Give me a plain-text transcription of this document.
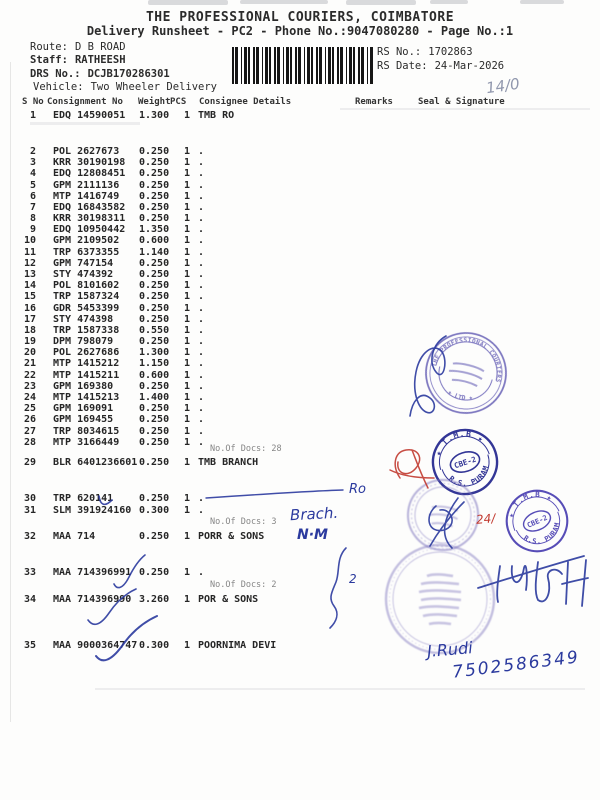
THE PROFESSIONAL COURIERS, COIMBATORE
Delivery Runsheet - PC2 - Phone No.:9047080280 - Page No.:1
Route: D B ROAD
Staff: RATHEESH
DRS No.: DCJB170286301
Vehicle: Two Wheeler Delivery
RS No.: 1702863
RS Date: 24-Mar-2026
S No Consignment No Weight PCS Consignee Details	Remarks	Seal & Signature
1 EDQ 14590051 1.300 1 TMB RO
2 POL 2627673 0.250 1 .
3 KRR 30190198 0.250 1 .
4 EDQ 12808451 0.250 1 .
5 GPM 2111136 0.250 1 .
6 MTP 1416749 0.250 1 .
7 EDQ 16843582 0.250 1 .
8 KRR 30198311 0.250 1 .
9 EDQ 10950442 1.350 1 .
10 GPM 2109502 0.600 1 .
11 TRP 6373355 1.140 1 .
12 GPM 747154	0.250 1 .
13 STY 474392	0.250 1 .
14 POL 8101602 0.250 1 .
15 TRP 1587324 0.250 1 .
16 GDR 5453399 0.250 1 .
17 STY 474398	0.250 1 .
18 TRP 1587338 0.550 1 .
19 DPM 798079	0.250 1 .
20 POL 2627686 1.300 1 .
21 MTP 1415212 1.150 1 .
22 MTP 1415211 0.600 1 .
23 GPM 169380	0.250 1 .
24 MTP 1415213 1.400 1 .
25 GPM 169091	0.250 1 .
26 GPM 169455	0.250 1 .
27 TRP 8034615 0.250 1 .
28 MTP 3166449 0.250 1 .
29 BLR 6401236601 0.250 1 TMB BRANCH
30 TRP 620141	0.250 1 .
31 SLM 391924160 0.300 1 .
32 MAA 714	0.250 1 PORR & SONS
33 MAA 714396991 0.250 1 .
34 MAA 714396990 3.260 1 POR & SONS
35 MAA 9000364747 0.300 1 POORNIMA DEVI
No.Of Docs: 28
No.Of Docs: 3
No.Of Docs: 2
THE PROFESSIONAL COURIERS
★ LTD ★
★ T.M.B ★
R.S. PURAM
CBE-2
★ T.M.B ★
R.S. PURAM
CBE-2
14/0
Ro
Brach.
N·M
24/
2
J.Rudi
7502586349
